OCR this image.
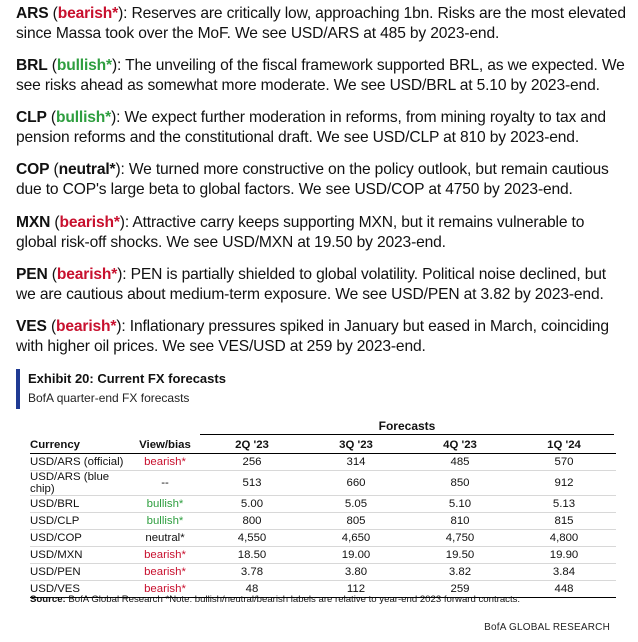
ARS (bearish*): Reserves are critically low, approaching 1bn. Risks are the most elevated since Massa took over the MoF. We see USD/ARS at 485 by 2023-end.
BRL (bullish*): The unveiling of the fiscal framework supported BRL, as we expected. We see risks ahead as somewhat more moderate. We see USD/BRL at 5.10 by 2023-end.
CLP (bullish*): We expect further moderation in reforms, from mining royalty to tax and pension reforms and the constitutional draft. We see USD/CLP at 810 by 2023-end.
COP (neutral*): We turned more constructive on the policy outlook, but remain cautious due to COP's large beta to global factors. We see USD/COP at 4750 by 2023-end.
MXN (bearish*): Attractive carry keeps supporting MXN, but it remains vulnerable to global risk-off shocks. We see USD/MXN at 19.50 by 2023-end.
PEN (bearish*): PEN is partially shielded to global volatility. Political noise declined, but we are cautious about medium-term exposure. We see USD/PEN at 3.82 by 2023-end.
VES (bearish*): Inflationary pressures spiked in January but eased in March, coinciding with higher oil prices. We see VES/USD at 259 by 2023-end.
Exhibit 20: Current FX forecasts
BofA quarter-end FX forecasts
Forecasts
Currency	View/bias	2Q '23	3Q '23	4Q '23	1Q '24
USD/ARS (official)	bearish*	256	314	485	570
USD/ARS (blue chip)	--	513	660	850	912
USD/BRL	bullish*	5.00	5.05	5.10	5.13
USD/CLP	bullish*	800	805	810	815
USD/COP	neutral*	4,550	4,650	4,750	4,800
USD/MXN	bearish*	18.50	19.00	19.50	19.90
USD/PEN	bearish*	3.78	3.80	3.82	3.84
USD/VES	bearish*	48	112	259	448
Source: BofA Global Research *Note: bullish/neutral/bearish labels are relative to year-end 2023 forward contracts.
BofA GLOBAL RESEARCH
